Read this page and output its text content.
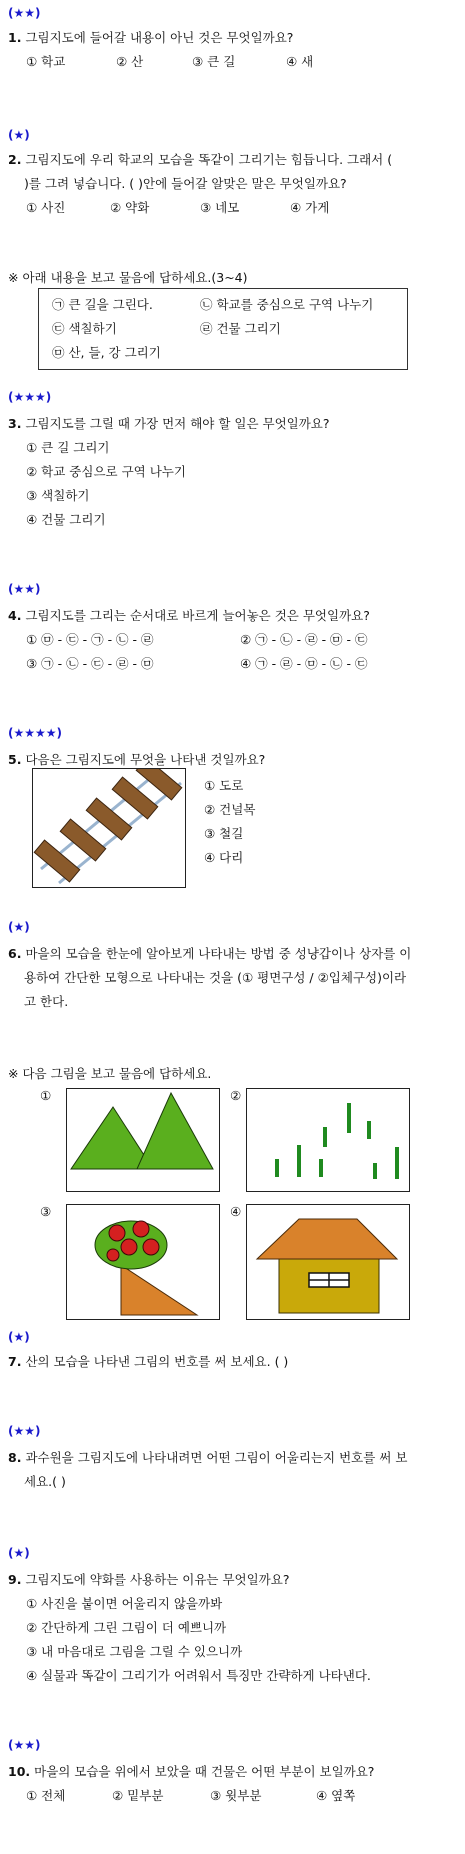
(★★)
1. 그림지도에 들어갈 내용이 아닌 것은 무엇일까요?
① 학교	② 산	③ 큰 길	④ 새
(★)
2. 그림지도에 우리 학교의 모습을 똑같이 그리기는 힘듭니다. 그래서 (
)를 그려 넣습니다. ( )안에 들어갈 알맞은 말은 무엇일까요?
① 사진	② 약화	③ 네모	④ 가게
※ 아래 내용을 보고 물음에 답하세요.(3~4)
㉠ 큰 길을 그린다.	㉡ 학교를 중심으로 구역 나누기
㉢ 색칠하기	㉣ 건물 그리기
㉤ 산, 들, 강 그리기
(★★★)
3. 그림지도를 그릴 때 가장 먼저 해야 할 일은 무엇일까요?
① 큰 길 그리기
② 학교 중심으로 구역 나누기
③ 색칠하기
④ 건물 그리기
(★★)
4. 그림지도를 그리는 순서대로 바르게 늘어놓은 것은 무엇일까요?
① ㉤ - ㉢ - ㉠ - ㉡ - ㉣	② ㉠ - ㉡ - ㉣ - ㉤ - ㉢
③ ㉠ - ㉡ - ㉢ - ㉣ - ㉤	④ ㉠ - ㉣ - ㉤ - ㉡ - ㉢
(★★★★)
5. 다음은 그림지도에 무엇을 나타낸 것일까요?
① 도로
② 건널목
③ 철길
④ 다리
(★)
6. 마을의 모습을 한눈에 알아보게 나타내는 방법 중 성냥갑이나 상자를 이
용하여 간단한 모형으로 나타내는 것을 (① 평면구성 / ②입체구성)이라
고 한다.
※ 다음 그림을 보고 물음에 답하세요.
①	②
③	④
(★)
7. 산의 모습을 나타낸 그림의 번호를 써 보세요. ( )
(★★)
8. 과수원을 그림지도에 나타내려면 어떤 그림이 어울리는지 번호를 써 보
세요.( )
(★)
9. 그림지도에 약화를 사용하는 이유는 무엇일까요?
① 사진을 붙이면 어울리지 않을까봐
② 간단하게 그린 그림이 더 예쁘니까
③ 내 마음대로 그림을 그릴 수 있으니까
④ 실물과 똑같이 그리기가 어려워서 특징만 간략하게 나타낸다.
(★★)
10. 마을의 모습을 위에서 보았을 때 건물은 어떤 부분이 보일까요?
① 전체	② 밑부분	③ 윗부분	④ 옆쪽
